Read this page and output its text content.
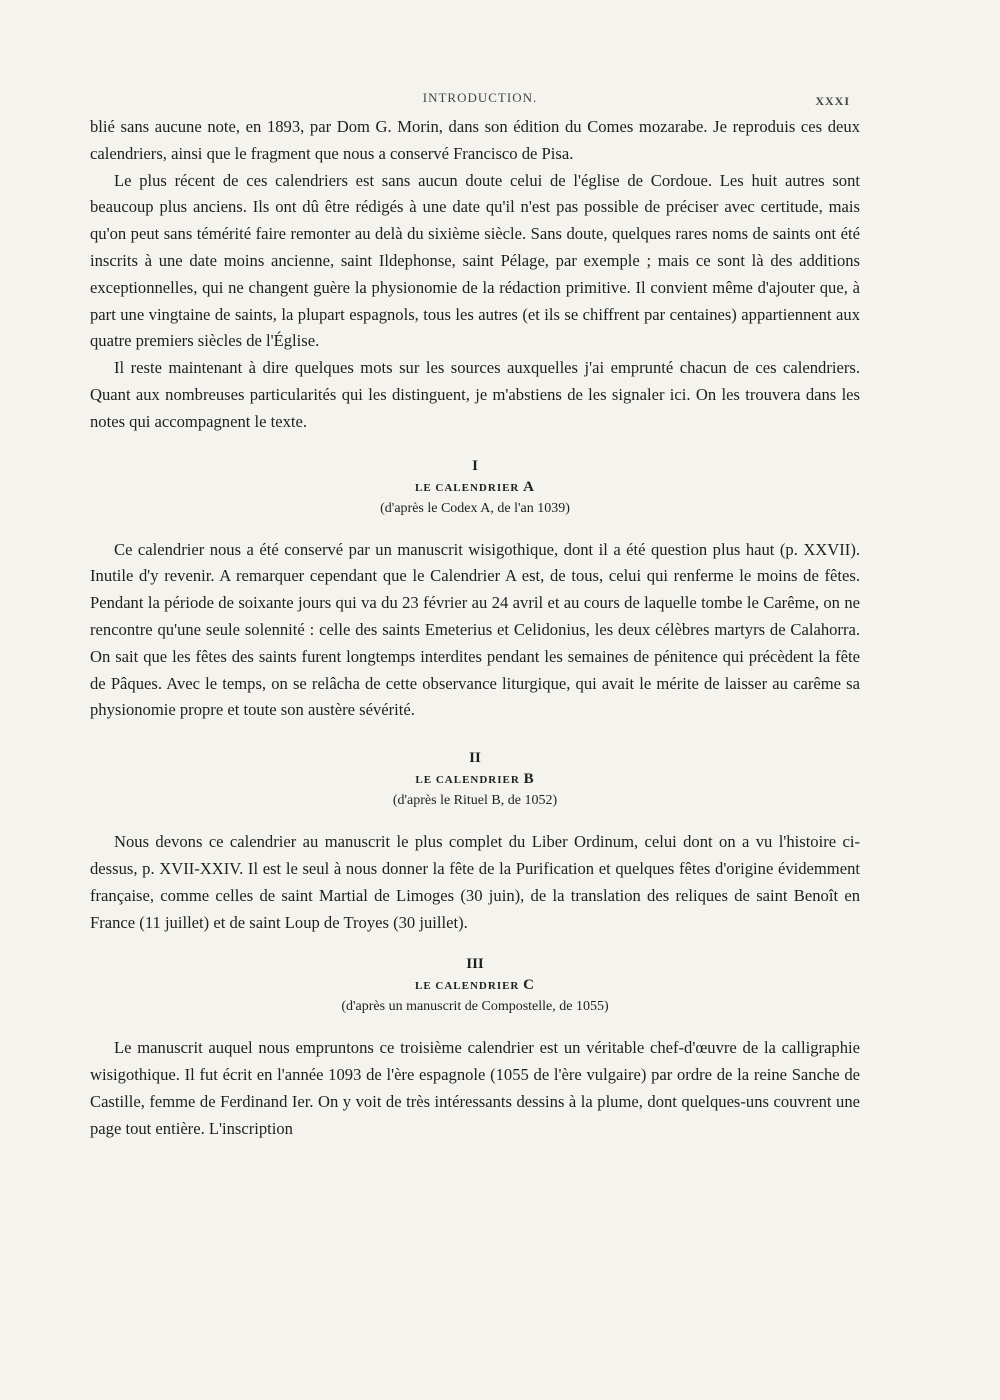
INTRODUCTION.	XXXI

blié sans aucune note, en 1893, par Dom G. Morin, dans son édition du Comes mozarabe. Je reproduis ces deux calendriers, ainsi que le fragment que nous a conservé Francisco de Pisa.

Le plus récent de ces calendriers est sans aucun doute celui de l'église de Cordoue. Les huit autres sont beaucoup plus anciens. Ils ont dû être rédigés à une date qu'il n'est pas possible de préciser avec certitude, mais qu'on peut sans témérité faire remonter au delà du sixième siècle. Sans doute, quelques rares noms de saints ont été inscrits à une date moins ancienne, saint Ildephonse, saint Pélage, par exemple ; mais ce sont là des additions exceptionnelles, qui ne changent guère la physionomie de la rédaction primitive. Il convient même d'ajouter que, à part une vingtaine de saints, la plupart espagnols, tous les autres (et ils se chiffrent par centaines) appartiennent aux quatre premiers siècles de l'Église.

Il reste maintenant à dire quelques mots sur les sources auxquelles j'ai emprunté chacun de ces calendriers. Quant aux nombreuses particularités qui les distinguent, je m'abstiens de les signaler ici. On les trouvera dans les notes qui accompagnent le texte.

I
LE CALENDRIER A
(d'après le Codex A, de l'an 1039)

Ce calendrier nous a été conservé par un manuscrit wisigothique, dont il a été question plus haut (p. XXVII). Inutile d'y revenir. A remarquer cependant que le Calendrier A est, de tous, celui qui renferme le moins de fêtes. Pendant la période de soixante jours qui va du 23 février au 24 avril et au cours de laquelle tombe le Carême, on ne rencontre qu'une seule solennité : celle des saints Emeterius et Celidonius, les deux célèbres martyrs de Calahorra. On sait que les fêtes des saints furent longtemps interdites pendant les semaines de pénitence qui précèdent la fête de Pâques. Avec le temps, on se relâcha de cette observance liturgique, qui avait le mérite de laisser au carême sa physionomie propre et toute son austère sévérité.

II
LE CALENDRIER B
(d'après le Rituel B, de 1052)

Nous devons ce calendrier au manuscrit le plus complet du Liber Ordinum, celui dont on a vu l'histoire ci-dessus, p. XVII-XXIV. Il est le seul à nous donner la fête de la Purification et quelques fêtes d'origine évidemment française, comme celles de saint Martial de Limoges (30 juin), de la translation des reliques de saint Benoît en France (11 juillet) et de saint Loup de Troyes (30 juillet).

III
LE CALENDRIER C
(d'après un manuscrit de Compostelle, de 1055)

Le manuscrit auquel nous empruntons ce troisième calendrier est un véritable chef-d'œuvre de la calligraphie wisigothique. Il fut écrit en l'année 1093 de l'ère espagnole (1055 de l'ère vulgaire) par ordre de la reine Sanche de Castille, femme de Ferdinand Ier. On y voit de très intéressants dessins à la plume, dont quelques-uns couvrent une page tout entière. L'inscription
